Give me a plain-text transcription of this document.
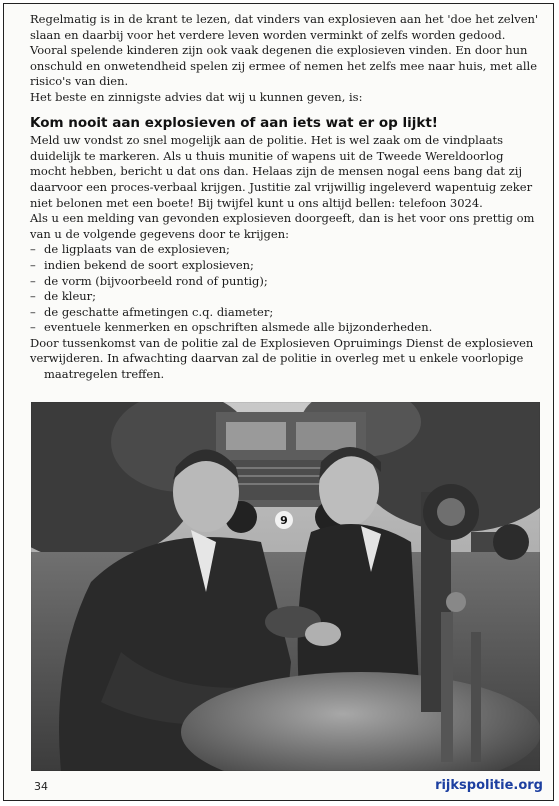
Regelmatig is in de krant te lezen, dat vinders van explosieven aan het 'doe het zelven' slaan en daarbij voor het verdere leven worden verminkt of zelfs worden gedood. Vooral spelende kinderen zijn ook vaak degenen die explosieven vinden. En door hun onschuld en onwetendheid spelen zij ermee of nemen het zelfs mee naar huis, met alle risico's van dien.

Het beste en zinnigste advies dat wij u kunnen geven, is:

Kom nooit aan explosieven of aan iets wat er op lijkt!

Meld uw vondst zo snel mogelijk aan de politie. Het is wel zaak om de vindplaats duidelijk te markeren. Als u thuis munitie of wapens uit de Tweede Wereldoorlog mocht hebben, bericht u dat ons dan. Helaas zijn de mensen nogal eens bang dat zij daarvoor een proces-verbaal krijgen. Justitie zal vrijwillig ingeleverd wapentuig zeker niet belonen met een boete! Bij twijfel kunt u ons altijd bellen: telefoon 3024.

Als u een melding van gevonden explosieven doorgeeft, dan is het voor ons prettig om van u de volgende gegevens door te krijgen:

– de ligplaats van de explosieven;
– indien bekend de soort explosieven;
– de vorm (bijvoorbeeld rond of puntig);
– de kleur;
– de geschatte afmetingen c.q. diameter;
– eventuele kenmerken en opschriften alsmede alle bijzonderheden.

Door tussenkomst van de politie zal de Explosieven Opruimings Dienst de explosieven

verwijderen. In afwachting daarvan zal de politie in overleg met u enkele voorlopige

maatregelen treffen.

9
34	rijkspolitie.org
